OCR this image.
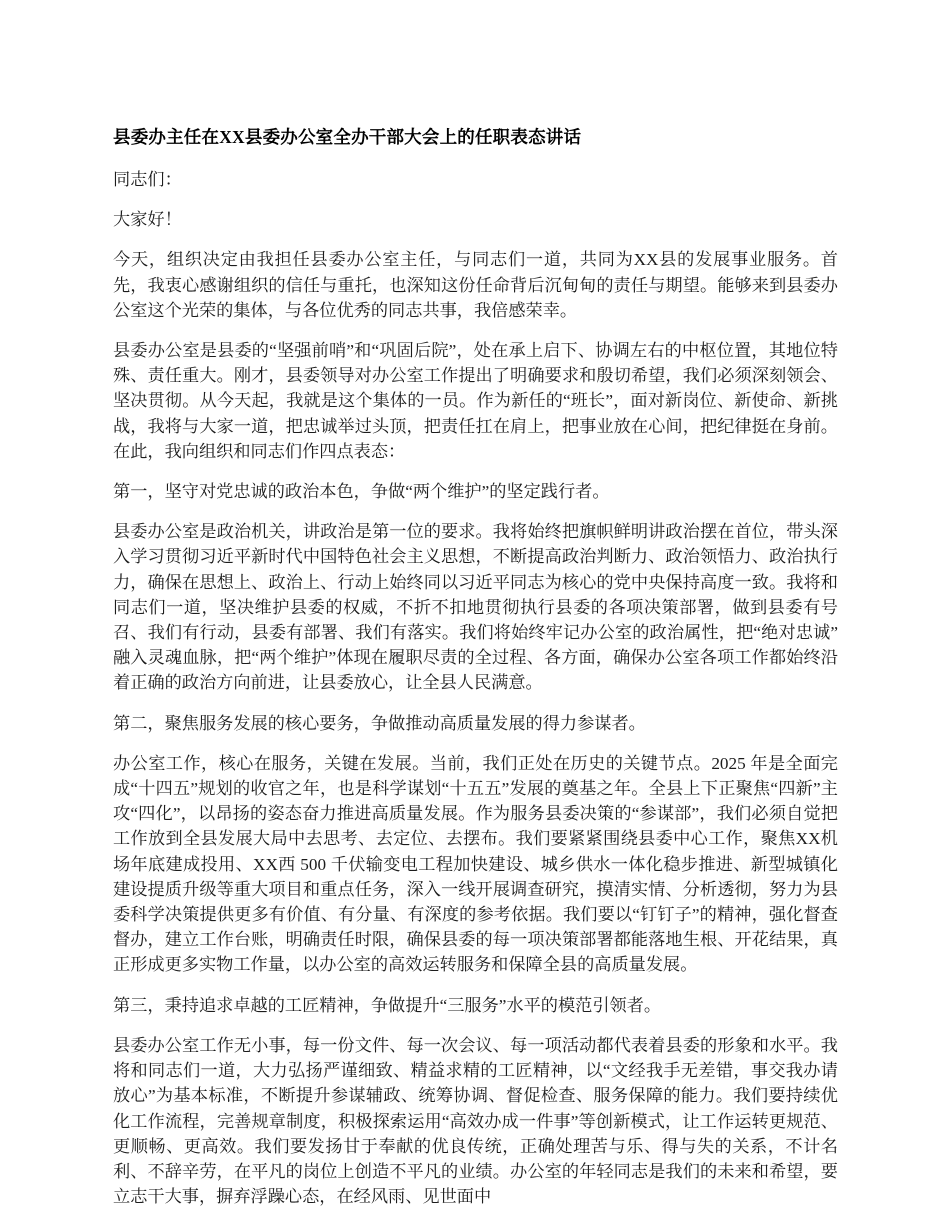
县委办主任在XX县委办公室全办干部大会上的任职表态讲话

同志们：

大家好！

今天，组织决定由我担任县委办公室主任，与同志们一道，共同为XX县的发展事业服务。首先，我衷心感谢组织的信任与重托，也深知这份任命背后沉甸甸的责任与期望。能够来到县委办公室这个光荣的集体，与各位优秀的同志共事，我倍感荣幸。

县委办公室是县委的“坚强前哨”和“巩固后院”，处在承上启下、协调左右的中枢位置，其地位特殊、责任重大。刚才，县委领导对办公室工作提出了明确要求和殷切希望，我们必须深刻领会、坚决贯彻。从今天起，我就是这个集体的一员。作为新任的“班长”，面对新岗位、新使命、新挑战，我将与大家一道，把忠诚举过头顶，把责任扛在肩上，把事业放在心间，把纪律挺在身前。在此，我向组织和同志们作四点表态：

第一，坚守对党忠诚的政治本色，争做“两个维护”的坚定践行者。

县委办公室是政治机关，讲政治是第一位的要求。我将始终把旗帜鲜明讲政治摆在首位，带头深入学习贯彻习近平新时代中国特色社会主义思想，不断提高政治判断力、政治领悟力、政治执行力，确保在思想上、政治上、行动上始终同以习近平同志为核心的党中央保持高度一致。我将和同志们一道，坚决维护县委的权威，不折不扣地贯彻执行县委的各项决策部署，做到县委有号召、我们有行动，县委有部署、我们有落实。我们将始终牢记办公室的政治属性，把“绝对忠诚”融入灵魂血脉，把“两个维护”体现在履职尽责的全过程、各方面，确保办公室各项工作都始终沿着正确的政治方向前进，让县委放心，让全县人民满意。

第二，聚焦服务发展的核心要务，争做推动高质量发展的得力参谋者。

办公室工作，核心在服务，关键在发展。当前，我们正处在历史的关键节点。2025 年是全面完成“十四五”规划的收官之年，也是科学谋划“十五五”发展的奠基之年。全县上下正聚焦“四新”主攻“四化”，以昂扬的姿态奋力推进高质量发展。作为服务县委决策的“参谋部”，我们必须自觉把工作放到全县发展大局中去思考、去定位、去摆布。我们要紧紧围绕县委中心工作，聚焦XX机场年底建成投用、XX西 500 千伏输变电工程加快建设、城乡供水一体化稳步推进、新型城镇化建设提质升级等重大项目和重点任务，深入一线开展调查研究，摸清实情、分析透彻，努力为县委科学决策提供更多有价值、有分量、有深度的参考依据。我们要以“钉钉子”的精神，强化督查督办，建立工作台账，明确责任时限，确保县委的每一项决策部署都能落地生根、开花结果，真正形成更多实物工作量，以办公室的高效运转服务和保障全县的高质量发展。

第三，秉持追求卓越的工匠精神，争做提升“三服务”水平的模范引领者。

县委办公室工作无小事，每一份文件、每一次会议、每一项活动都代表着县委的形象和水平。我将和同志们一道，大力弘扬严谨细致、精益求精的工匠精神，以“文经我手无差错，事交我办请放心”为基本标准，不断提升参谋辅政、统筹协调、督促检查、服务保障的能力。我们要持续优化工作流程，完善规章制度，积极探索运用“高效办成一件事”等创新模式，让工作运转更规范、更顺畅、更高效。我们要发扬甘于奉献的优良传统，正确处理苦与乐、得与失的关系，不计名利、不辞辛劳，在平凡的岗位上创造不平凡的业绩。办公室的年轻同志是我们的未来和希望，要立志干大事，摒弃浮躁心态，在经风雨、见世面中
